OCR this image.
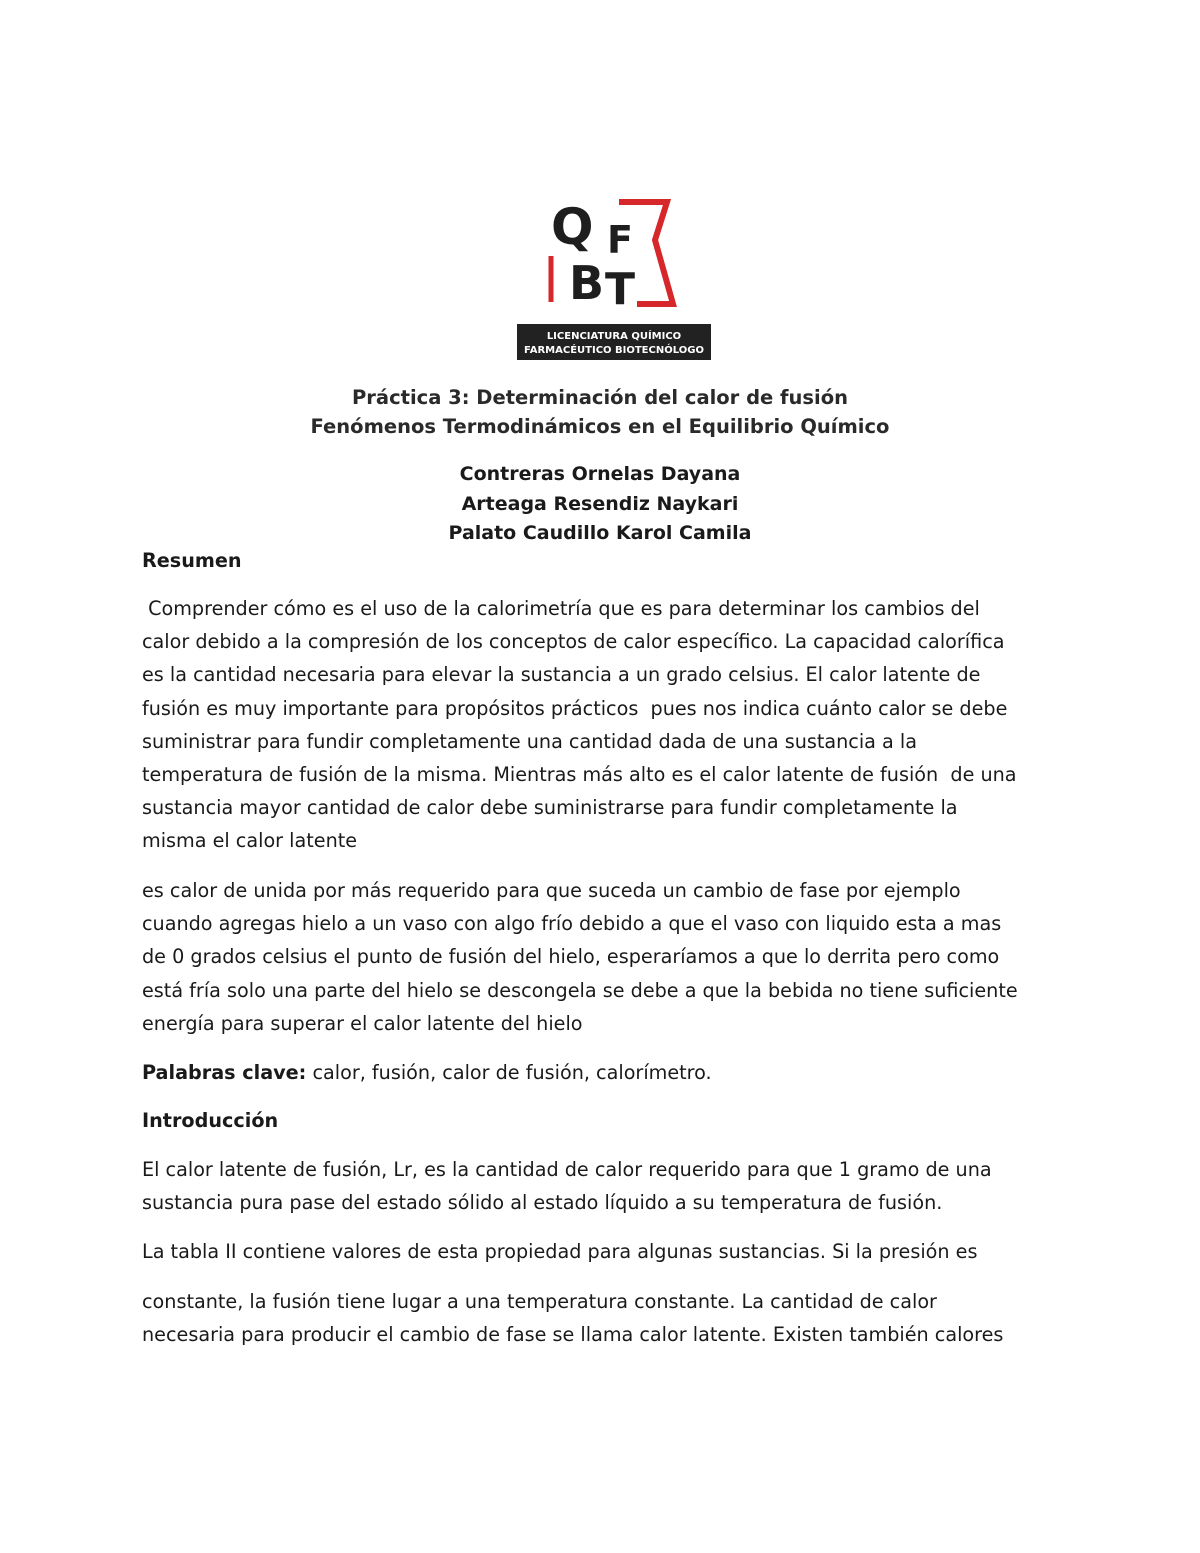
Q F
B T
LICENCIATURA QUÍMICO
FARMACÉUTICO BIOTECNÓLOGO
Práctica 3: Determinación del calor de fusión
Fenómenos Termodinámicos en el Equilibrio Químico
Contreras Ornelas Dayana
Arteaga Resendiz Naykari
Palato Caudillo Karol Camila
Resumen
Comprender cómo es el uso de la calorimetría que es para determinar los cambios del
calor debido a la compresión de los conceptos de calor específico. La capacidad calorífica
es la cantidad necesaria para elevar la sustancia a un grado celsius. El calor latente de
fusión es muy importante para propósitos prácticos  pues nos indica cuánto calor se debe
suministrar para fundir completamente una cantidad dada de una sustancia a la
temperatura de fusión de la misma. Mientras más alto es el calor latente de fusión  de una
sustancia mayor cantidad de calor debe suministrarse para fundir completamente la
misma el calor latente
es calor de unida por más requerido para que suceda un cambio de fase por ejemplo
cuando agregas hielo a un vaso con algo frío debido a que el vaso con liquido esta a mas
de 0 grados celsius el punto de fusión del hielo, esperaríamos a que lo derrita pero como
está fría solo una parte del hielo se descongela se debe a que la bebida no tiene suficiente
energía para superar el calor latente del hielo
Palabras clave: calor, fusión, calor de fusión, calorímetro.
Introducción
El calor latente de fusión, Lr, es la cantidad de calor requerido para que 1 gramo de una
sustancia pura pase del estado sólido al estado líquido a su temperatura de fusión.
La tabla II contiene valores de esta propiedad para algunas sustancias. Si la presión es
constante, la fusión tiene lugar a una temperatura constante. La cantidad de calor
necesaria para producir el cambio de fase se llama calor latente. Existen también calores
